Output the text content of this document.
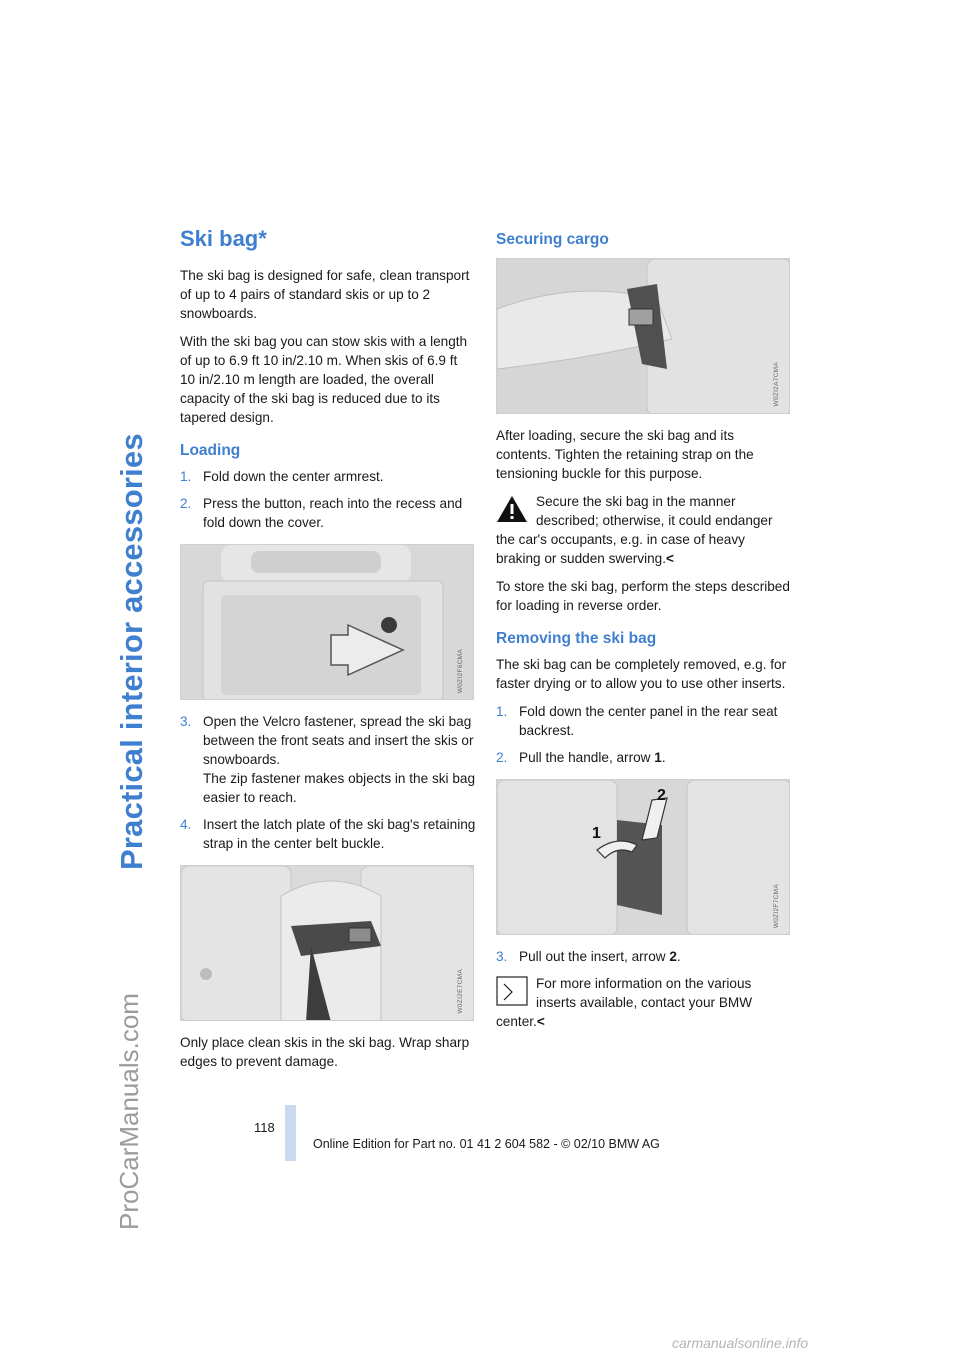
Practical interior accessories
ProCarManuals.com
Ski bag*

The ski bag is designed for safe, clean transport of up to 4 pairs of standard skis or up to 2 snowboards.

With the ski bag you can stow skis with a length of up to 6.9 ft 10 in/2.10 m. When skis of 6.9 ft 10 in/2.10 m length are loaded, the overall capacity of the ski bag is reduced due to its tapered design.

Loading
1. Fold down the center armrest.
2. Press the button, reach into the recess and fold down the cover.
W0ZI2F6CMA
3. Open the Velcro fastener, spread the ski bag between the front seats and insert the skis or snowboards.
The zip fastener makes objects in the ski bag easier to reach.
4. Insert the latch plate of the ski bag's retaining strap in the center belt buckle.
W0ZI2E7CMA

Only place clean skis in the ski bag. Wrap sharp edges to prevent damage.

Securing cargo
W0ZI2A7CMA

After loading, secure the ski bag and its contents. Tighten the retaining strap on the tensioning buckle for this purpose.

Secure the ski bag in the manner described; otherwise, it could endanger the car's occupants, e.g. in case of heavy braking or sudden swerving.<

To store the ski bag, perform the steps described for loading in reverse order.

Removing the ski bag

The ski bag can be completely removed, e.g. for faster drying or to allow you to use other inserts.

1. Fold down the center panel in the rear seat backrest.
2. Pull the handle, arrow 1.
1
2
W0ZI2F7CMA
3. Pull out the insert, arrow 2.
For more information on the various inserts available, contact your BMW center.<
118
Online Edition for Part no. 01 41 2 604 582 - © 02/10 BMW AG
carmanualsonline.info
